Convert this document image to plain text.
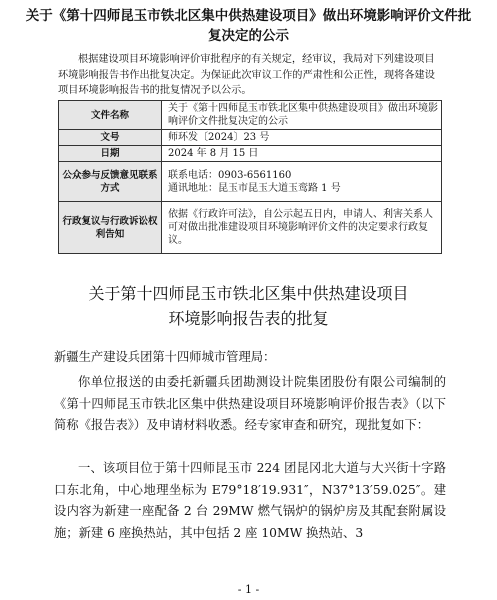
关于《第十四师昆玉市铁北区集中供热建设项目》做出环境影响评价文件批复决定的公示

根据建设项目环境影响评价审批程序的有关规定，经审议，我局对下列建设项目环境影响报告书作出批复决定。为保证此次审议工作的严肃性和公正性，现将各建设项目环境影响报告书的批复情况予以公示。

文件名称	关于《第十四师昆玉市铁北区集中供热建设项目》做出环境影响评价文件批复决定的公示
文号	师环发〔2024〕23 号
日期	2024 年 8 月 15 日
公众参与反馈意见联系方式	联系电话：0903-6561160
通讯地址：昆玉市昆玉大道玉鸾路 1 号

行政复议与行政诉讼权利告知	依据《行政许可法》，自公示起五日内，申请人、利害关系人可对做出批准建设项目环境影响评价文件的决定要求行政复议。
关于第十四师昆玉市铁北区集中供热建设项目
环境影响报告表的批复

新疆生产建设兵团第十四师城市管理局：

你单位报送的由委托新疆兵团勘测设计院集团股份有限公司编制的《第十四师昆玉市铁北区集中供热建设项目环境影响评价报告表》（以下简称《报告表》）及申请材料收悉。经专家审查和研究，现批复如下：

一、该项目位于第十四师昆玉市 224 团昆冈北大道与大兴街十字路口东北角，中心地理坐标为 E79°18′19.931″，N37°13′59.025″。建设内容为新建一座配备 2 台 29MW 燃气锅炉的锅炉房及其配套附属设施；新建 6 座换热站，其中包括 2 座 10MW 换热站、3

- 1 -
